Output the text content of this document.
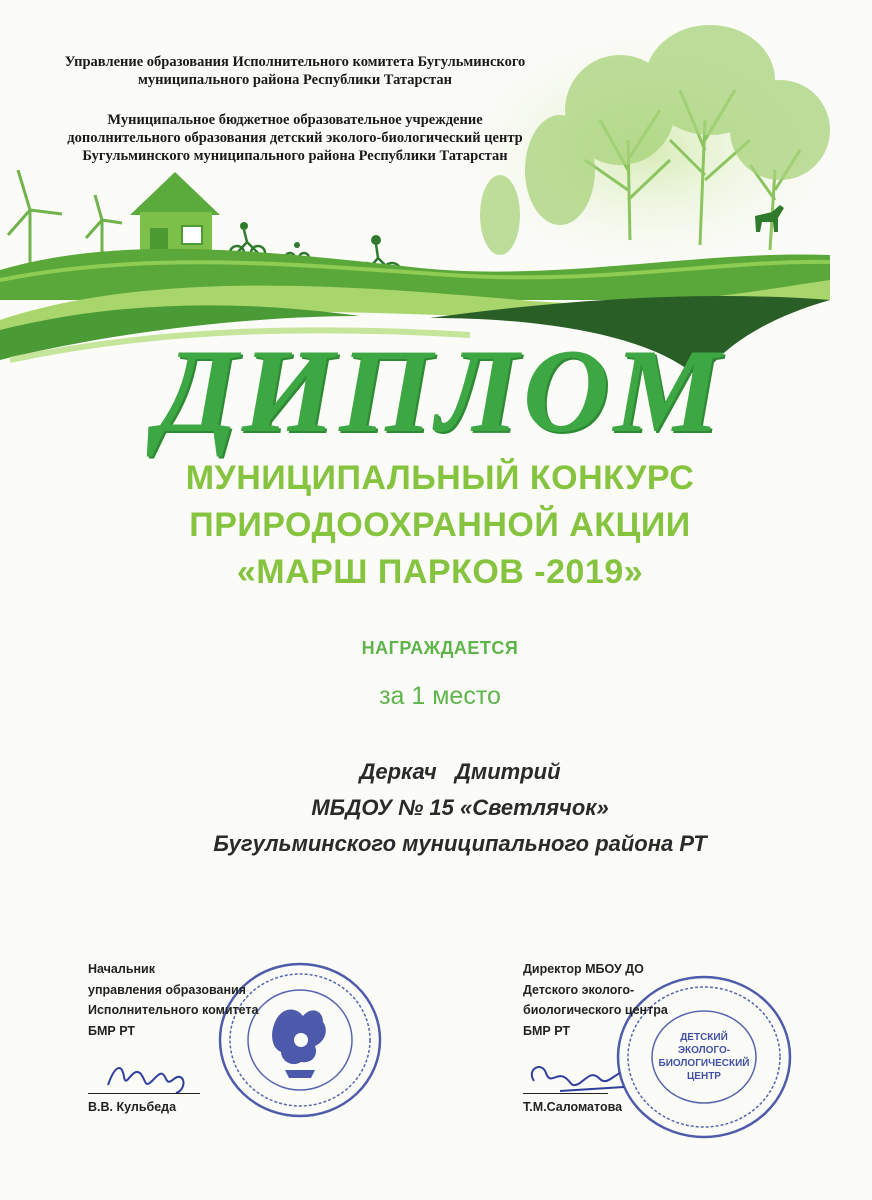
Управление образования Исполнительного комитета Бугульминского
муниципального района Республики Татарстан
Муниципальное бюджетное образовательное учреждение
дополнительного образования детский эколого-биологический центр
Бугульминского муниципального района Республики Татарстан
ДИПЛОМ
МУНИЦИПАЛЬНЫЙ КОНКУРС
ПРИРОДООХРАННОЙ АКЦИИ
«МАРШ ПАРКОВ -2019»
НАГРАЖДАЕТСЯ
за 1 место
Деркач   Дмитрий
МБДОУ № 15 «Светлячок»
Бугульминского муниципального района РТ
ДЕТСКИЙ
ЭКОЛОГО-
БИОЛОГИЧЕСКИЙ
ЦЕНТР
Начальник
управления образования
Исполнительного комитета
БМР РТ
Директор МБОУ ДО
Детского эколого-
биологического центра
БМР РТ
В.В. Кульбеда	Т.М.Саломатова
